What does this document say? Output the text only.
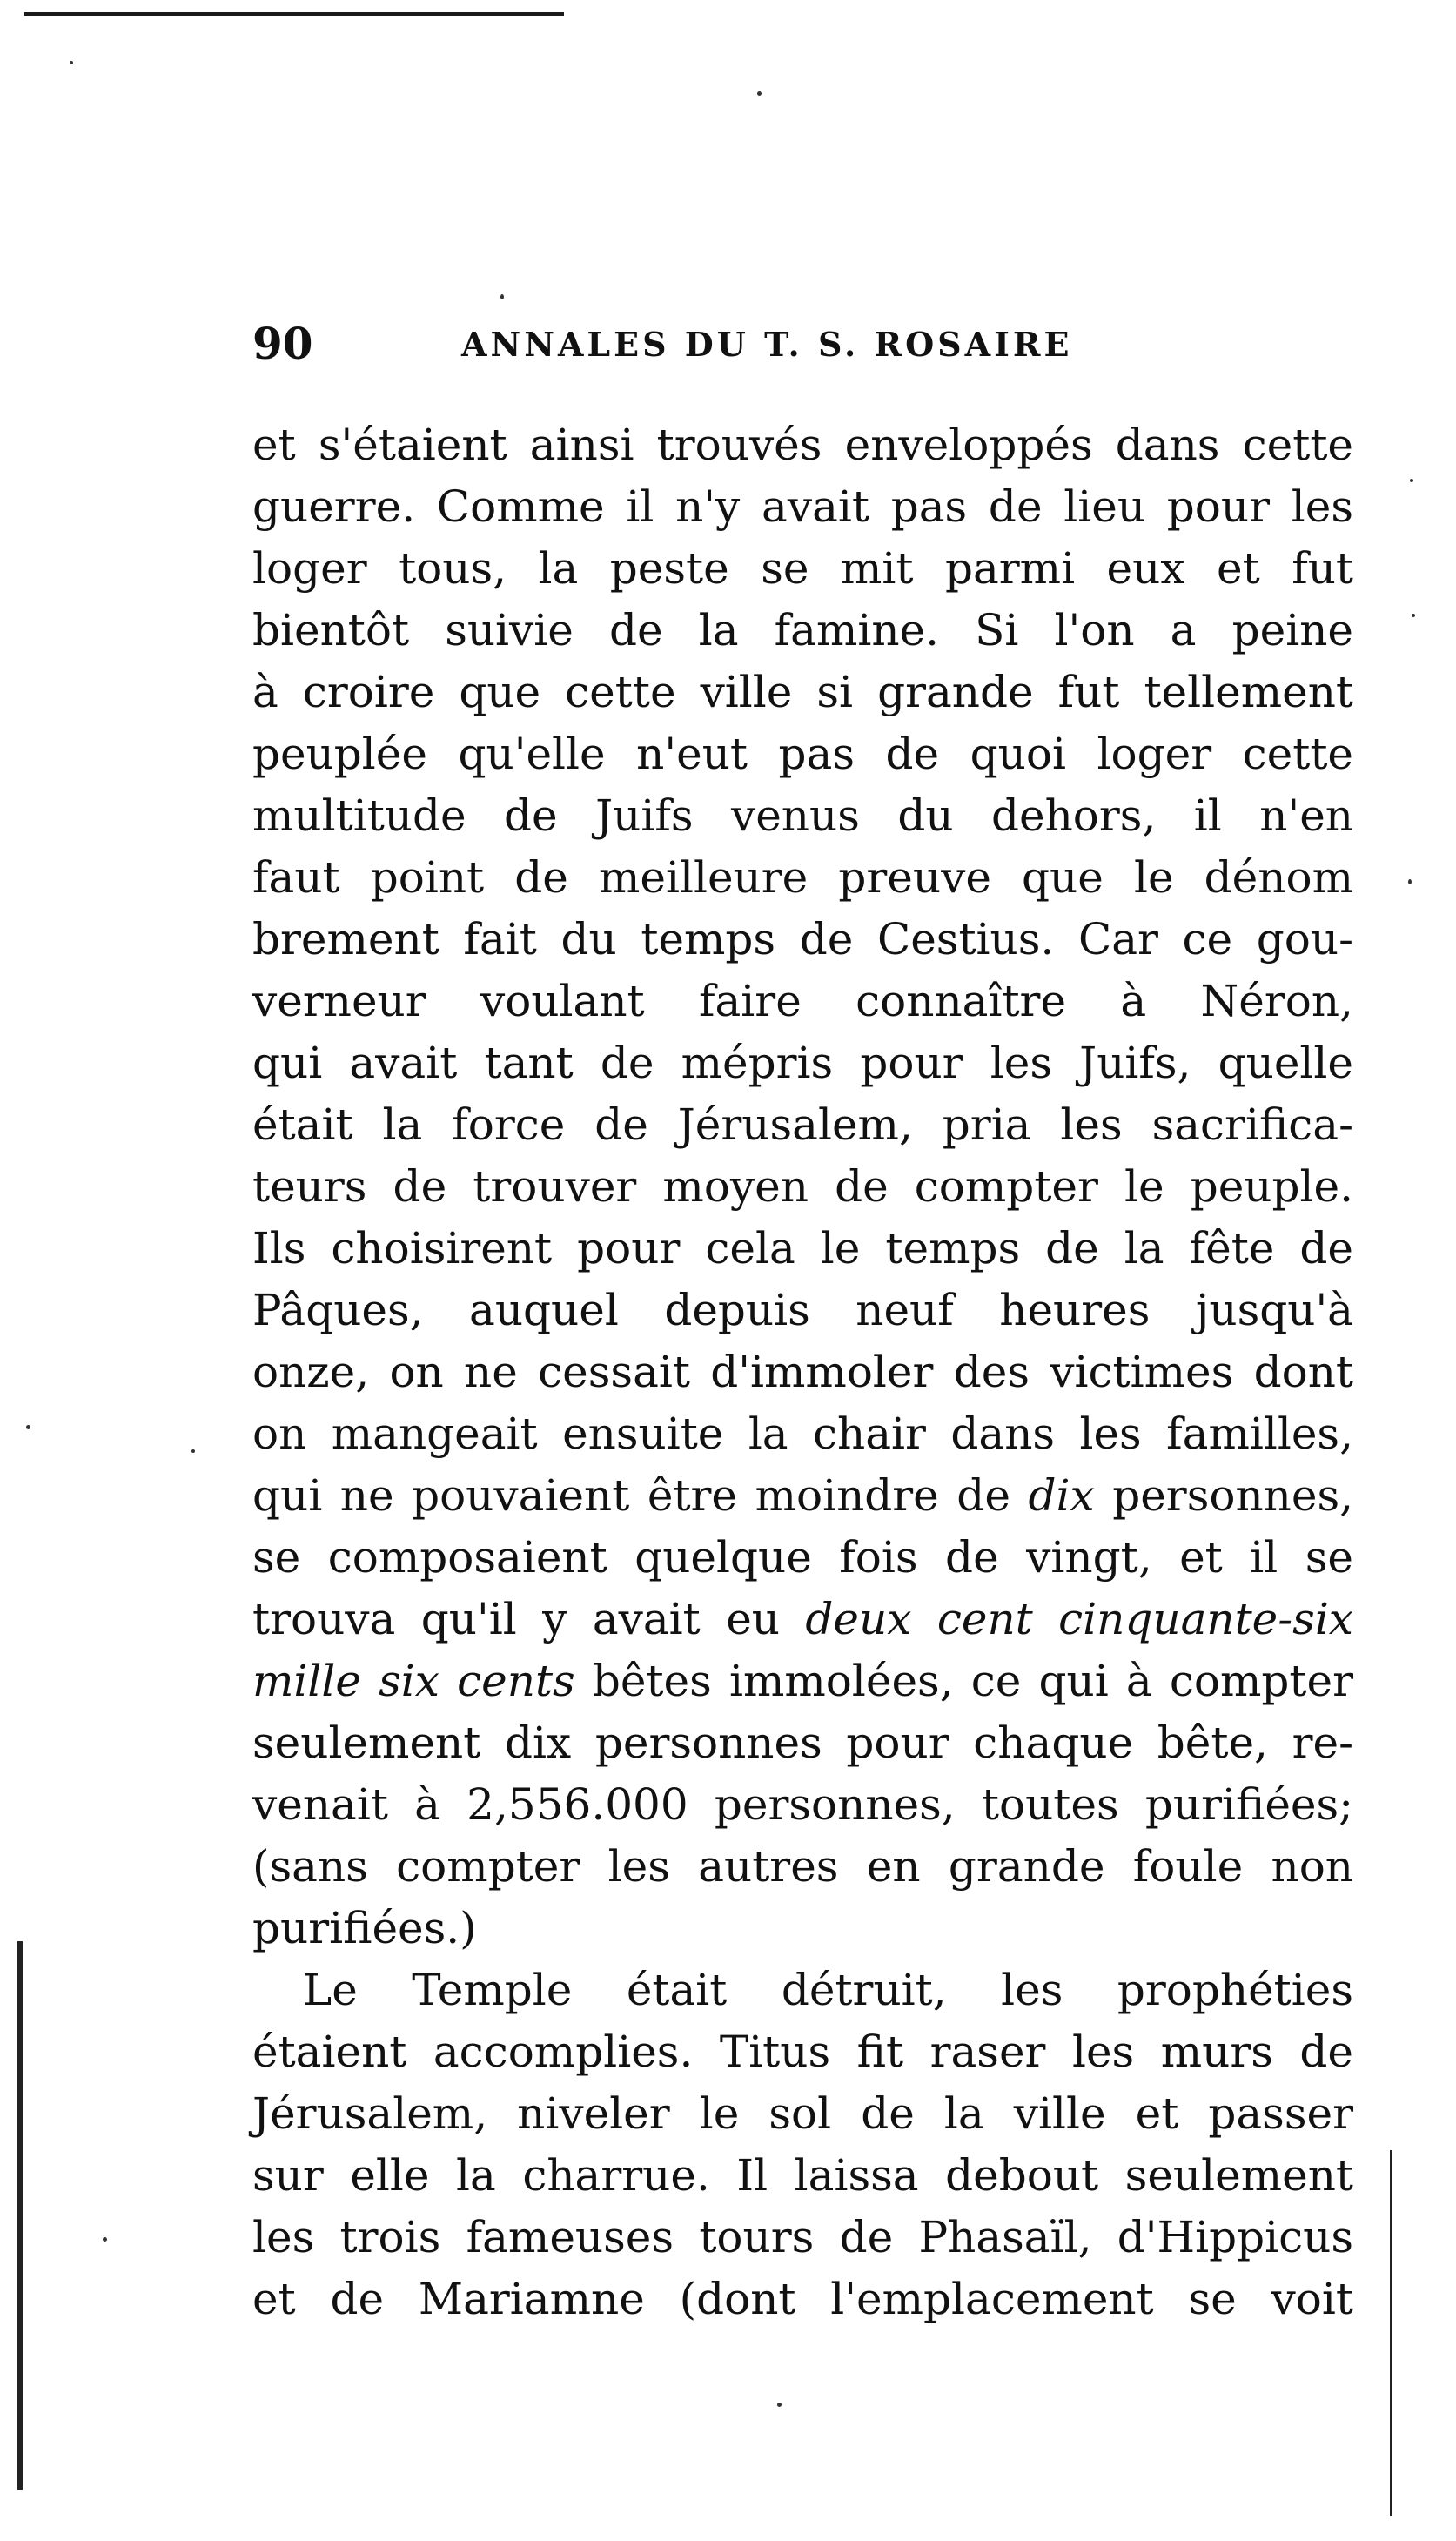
90	ANNALES DU T. S. ROSAIRE
et s'étaient ainsi trouvés enveloppés dans cette
guerre. Comme il n'y avait pas de lieu pour les
loger tous, la peste se mit parmi eux et fut
bientôt suivie de la famine. Si l'on a peine
à croire que cette ville si grande fut tellement
peuplée qu'elle n'eut pas de quoi loger cette
multitude de Juifs venus du dehors, il n'en
faut point de meilleure preuve que le dénom
brement fait du temps de Cestius. Car ce gou-
verneur voulant faire connaître à Néron,
qui avait tant de mépris pour les Juifs, quelle
était la force de Jérusalem, pria les sacrifica-
teurs de trouver moyen de compter le peuple.
Ils choisirent pour cela le temps de la fête de
Pâques, auquel depuis neuf heures jusqu'à
onze, on ne cessait d'immoler des victimes dont
on mangeait ensuite la chair dans les familles,
qui ne pouvaient être moindre de dix personnes,
se composaient quelque fois de vingt, et il se
trouva qu'il y avait eu deux cent cinquante-six
mille six cents bêtes immolées, ce qui à compter
seulement dix personnes pour chaque bête, re-
venait à 2,556.000 personnes, toutes purifiées;
(sans compter les autres en grande foule non
purifiées.)
Le Temple était détruit, les prophéties
étaient accomplies. Titus fit raser les murs de
Jérusalem, niveler le sol de la ville et passer
sur elle la charrue. Il laissa debout seulement
les trois fameuses tours de Phasaïl, d'Hippicus
et de Mariamne (dont l'emplacement se voit
